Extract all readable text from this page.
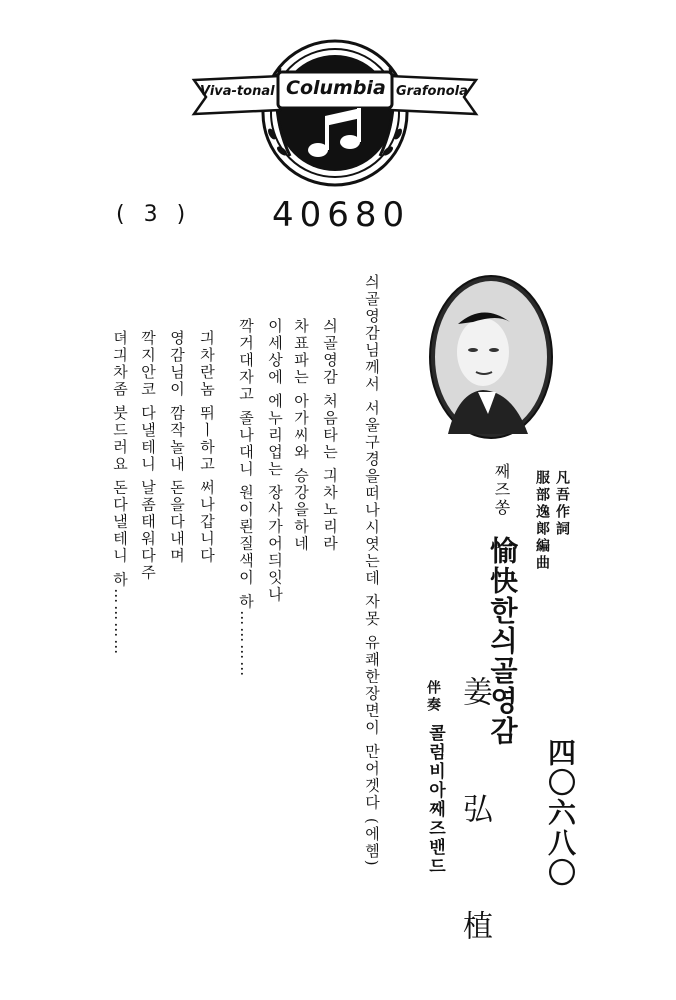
Viva-tonal Columbia Grafonola
( 3 ) 40680
四〇六八〇
凡吾作詞
服部逸郞編曲
째즈쏭
愉快한싀골영감
姜 弘 植
伴奏
콜럼비아째즈밴드
싀골영감님께서 서울구경을떠나시엿는데 자못 유쾌한장면이 만어겟다 (에헴)
싀골영감 처음타는 긔차노리라
차표파는 아가씨와 승강을하네
이세상에 에누리업는 장사가어듸잇나
깍거대자고 졸나대니 원이뢴질색이 하…………
긔차란놈 뛰ㅣ하고 써나갑니다
영감님이 깜작놀내 돈을다내며
깍지안코 다낼테니 날좀태워다주
뎌긔차좀 붓드러요 돈다낼테니 하…………
